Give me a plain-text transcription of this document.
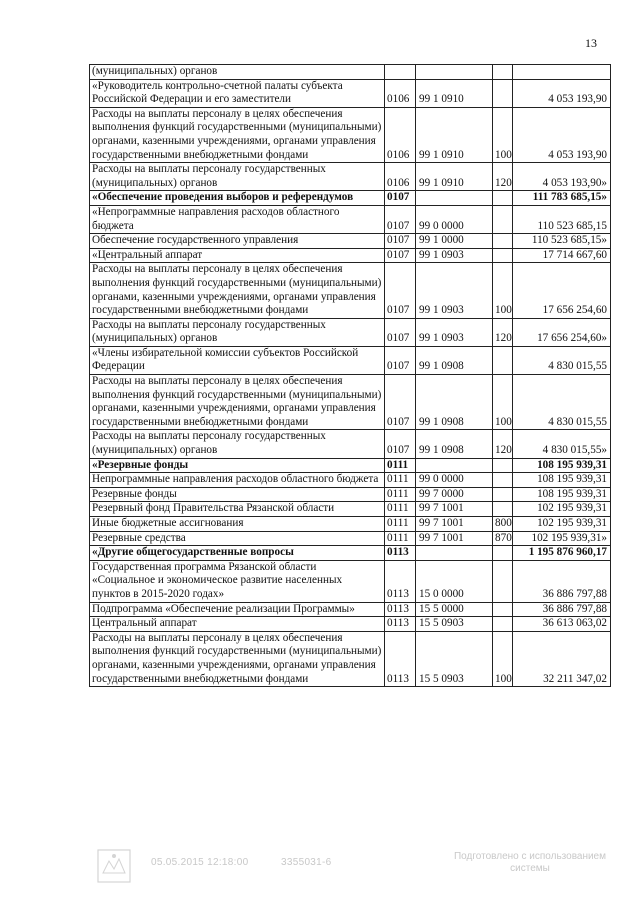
13
(муниципальных) органов				
«Руководитель контрольно-счетной палаты субъекта Российской Федерации и его заместители	0106	99 1 0910		4 053 193,90
Расходы на выплаты персоналу в целях обеспечения выполнения функций государственными (муниципальными) органами, казенными учреждениями, органами управления государственными внебюджетными фондами	0106	99 1 0910	100	4 053 193,90
Расходы на выплаты персоналу государственных (муниципальных) органов	0106	99 1 0910	120	4 053 193,90»
«Обеспечение проведения выборов и референдумов	0107			111 783 685,15»
«Непрограммные направления расходов областного бюджета	0107	99 0 0000		110 523 685,15
Обеспечение государственного управления	0107	99 1 0000		110 523 685,15»
«Центральный аппарат	0107	99 1 0903		17 714 667,60
Расходы на выплаты персоналу в целях обеспечения выполнения функций государственными (муниципальными) органами, казенными учреждениями, органами управления государственными внебюджетными фондами	0107	99 1 0903	100	17 656 254,60
Расходы на выплаты персоналу государственных (муниципальных) органов	0107	99 1 0903	120	17 656 254,60»
«Члены избирательной комиссии субъектов Российской Федерации	0107	99 1 0908		4 830 015,55
Расходы на выплаты персоналу в целях обеспечения выполнения функций государственными (муниципальными) органами, казенными учреждениями, органами управления государственными внебюджетными фондами	0107	99 1 0908	100	4 830 015,55
Расходы на выплаты персоналу государственных (муниципальных) органов	0107	99 1 0908	120	4 830 015,55»
«Резервные фонды	0111			108 195 939,31
Непрограммные направления расходов областного бюджета	0111	99 0 0000		108 195 939,31
Резервные фонды	0111	99 7 0000		108 195 939,31
Резервный фонд Правительства Рязанской области	0111	99 7 1001		102 195 939,31
Иные бюджетные ассигнования	0111	99 7 1001	800	102 195 939,31
Резервные средства	0111	99 7 1001	870	102 195 939,31»
«Другие общегосударственные вопросы	0113			1 195 876 960,17
Государственная программа Рязанской области «Социальное и экономическое развитие населенных пунктов в 2015-2020 годах»	0113	15 0 0000		36 886 797,88
Подпрограмма «Обеспечение реализации Программы»	0113	15 5 0000		36 886 797,88
Центральный аппарат	0113	15 5 0903		36 613 063,02
Расходы на выплаты персоналу в целях обеспечения выполнения функций государственными (муниципальными) органами, казенными учреждениями, органами управления государственными внебюджетными фондами	0113	15 5 0903	100	32 211 347,02
05.05.2015 12:18:00	3355031-6
Подготовлено с использованием системы
